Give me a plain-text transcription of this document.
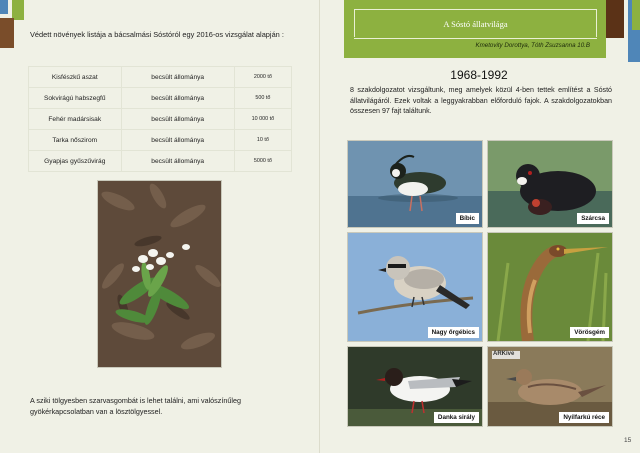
Védett növények listája a bácsalmási Sóstóról egy 2016-os vizsgálat alapján :
Kisfészkű aszat	becsült állománya	2000 tő
Sokvirágú habszegfű	becsült állománya	500 tő
Fehér madársisak	becsült állománya	10 000 tő
Tarka nőszirom	becsült állománya	10 tő
Gyapjas gyűszűvirág	becsült állománya	5000 tő
A sziki tölgyesben szarvasgombát is lehet találni, ami valószínűleg gyökérkapcsolatban van a lösztölgyessel.
A Sóstó állatvilága
Kmetovity Dorottya, Tóth Zsuzsanna 10.B
1968-1992
8 szakdolgozatot vizsgáltunk, meg amelyek közül 4-ben tettek említést a Sóstó állatvilágáról. Ezek voltak a leggyakrabban előforduló fajok. A szakdolgozatokban összesen 97 fajt találtunk.
Bíbic	Szárcsa
Nagy őrgébics	Vörösgém
Danka sirály
ARKive
Nyílfarkú réce
15
